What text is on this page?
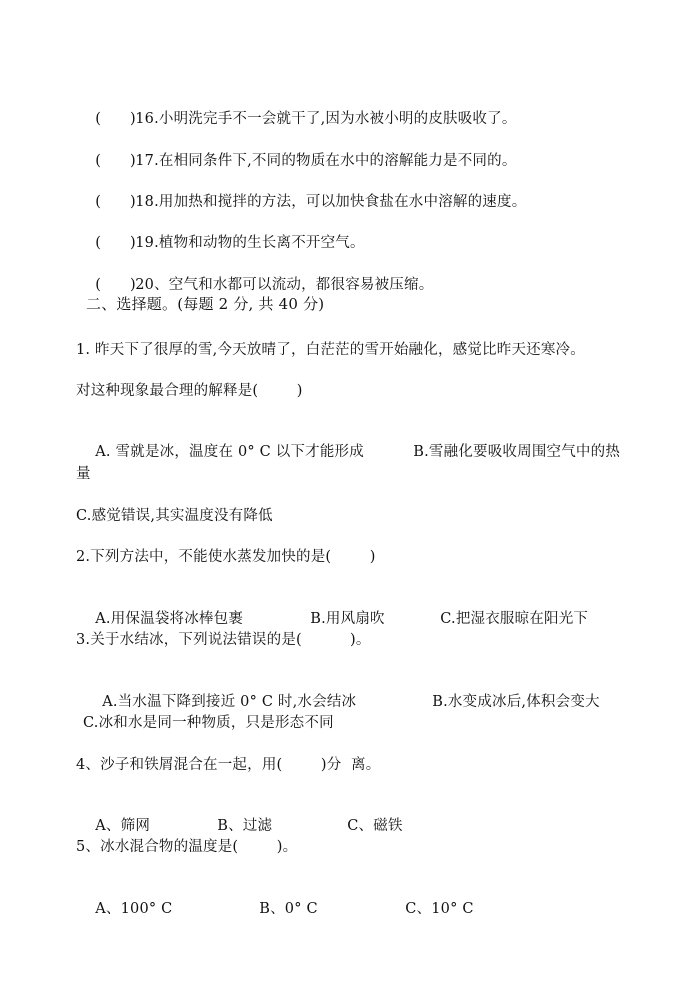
(      )16.小明洗完手不一会就干了,因为水被小明的皮肤吸收了。

(      )17.在相同条件下,不同的物质在水中的溶解能力是不同的。

(      )18.用加热和搅拌的方法，可以加快食盐在水中溶解的速度。

(      )19.植物和动物的生长离不开空气。

(      )20、空气和水都可以流动，都很容易被压缩。

二、选择题。(每题 2 分, 共 40 分)
1. 昨天下了很厚的雪,今天放晴了，白茫茫的雪开始融化，感觉比昨天还寒冷。
对这种现象最合理的解释是(        )

A. 雪就是冰，温度在 0° C 以下才能形成	B.雪融化要吸收周围空气中的热

量
C.感觉错误,其实温度没有降低
2.下列方法中，不能使水蒸发加快的是(        )

A.用保温袋将冰棒包裹	B.用风扇吹	C.把湿衣服晾在阳光下

3.关于水结冰，下列说法错误的是(          )。

A.当水温下降到接近 0° C 时,水会结冰	B.水变成冰后,体积会变大

C.冰和水是同一种物质，只是形态不同
4、沙子和铁屑混合在一起，用(        )分  离。

A、筛网	B、过滤	C、磁铁

5、冰水混合物的温度是(        )。

A、100° C	B、0° C	C、10° C
